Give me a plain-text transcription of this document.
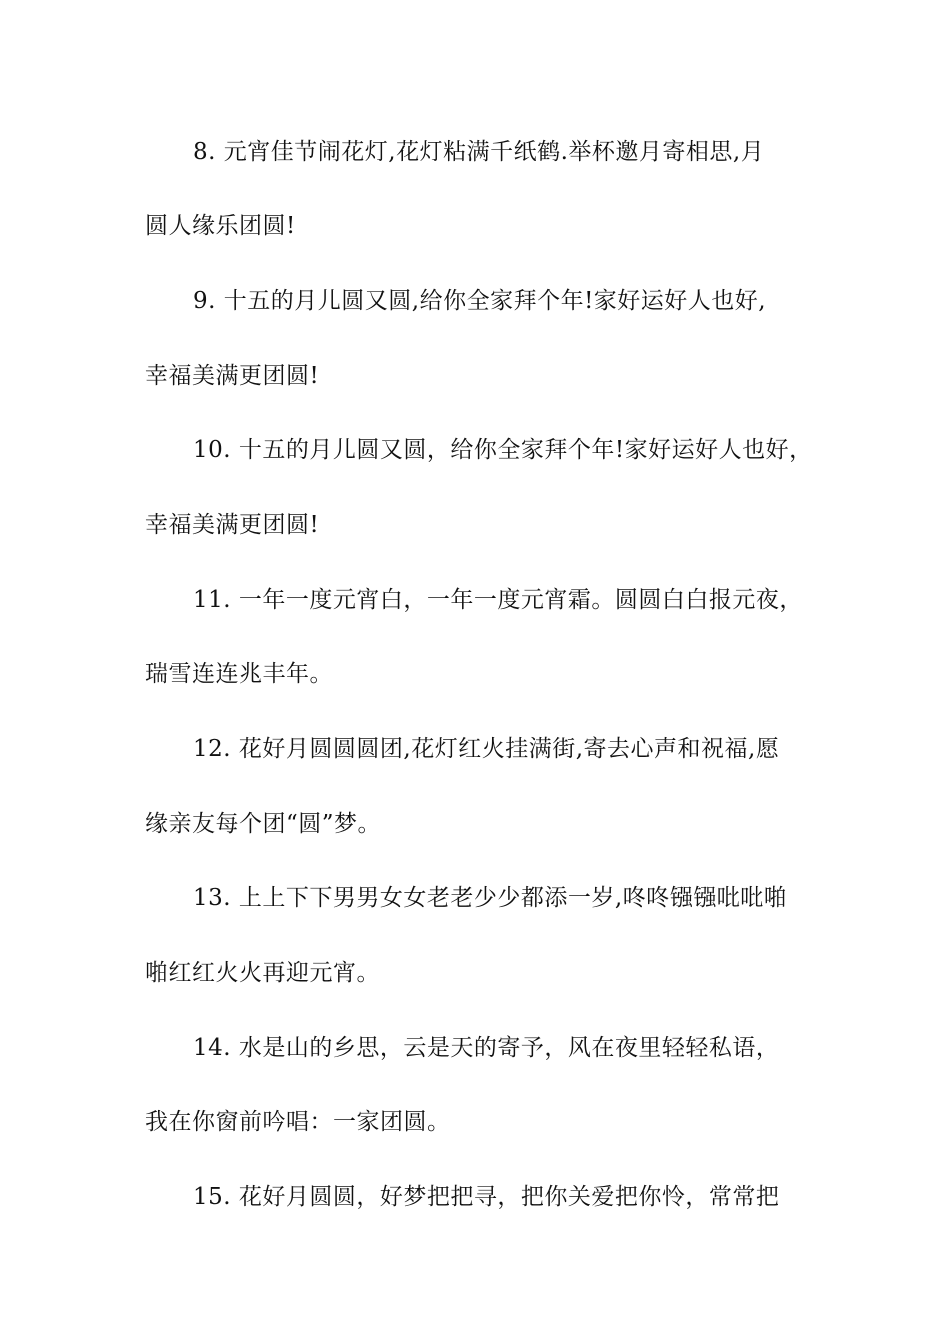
8. 元宵佳节闹花灯,花灯粘满千纸鹤.举杯邀月寄相思,月
圆人缘乐团圆!
9. 十五的月儿圆又圆,给你全家拜个年!家好运好人也好,
幸福美满更团圆!
10. 十五的月儿圆又圆，给你全家拜个年!家好运好人也好，
幸福美满更团圆!
11. 一年一度元宵白，一年一度元宵霜。圆圆白白报元夜，
瑞雪连连兆丰年。
12. 花好月圆圆圆团,花灯红火挂满街,寄去心声和祝福,愿
缘亲友每个团“圆”梦。
13. 上上下下男男女女老老少少都添一岁,咚咚镪镪吡吡啪
啪红红火火再迎元宵。
14. 水是山的乡思，云是天的寄予，风在夜里轻轻私语，
我在你窗前吟唱：一家团圆。
15. 花好月圆圆，好梦把把寻，把你关爱把你怜，常常把
